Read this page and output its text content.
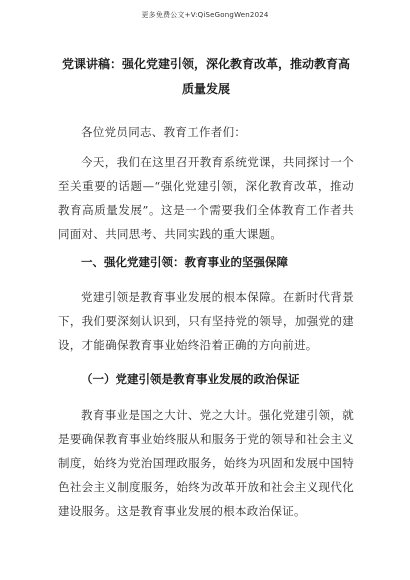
更多免费公文+V:QiSeGongWen2024
党课讲稿：强化党建引领，深化教育改革，推动教育高质量发展

各位党员同志、教育工作者们：

今天，我们在这里召开教育系统党课，共同探讨一个至关重要的话题—“强化党建引领，深化教育改革，推动教育高质量发展”。这是一个需要我们全体教育工作者共同面对、共同思考、共同实践的重大课题。

一、强化党建引领：教育事业的坚强保障

党建引领是教育事业发展的根本保障。在新时代背景下，我们要深刻认识到，只有坚持党的领导，加强党的建设，才能确保教育事业始终沿着正确的方向前进。

（一）党建引领是教育事业发展的政治保证

教育事业是国之大计、党之大计。强化党建引领，就是要确保教育事业始终服从和服务于党的领导和社会主义制度，始终为党治国理政服务，始终为巩固和发展中国特色社会主义制度服务，始终为改革开放和社会主义现代化建设服务。这是教育事业发展的根本政治保证。
